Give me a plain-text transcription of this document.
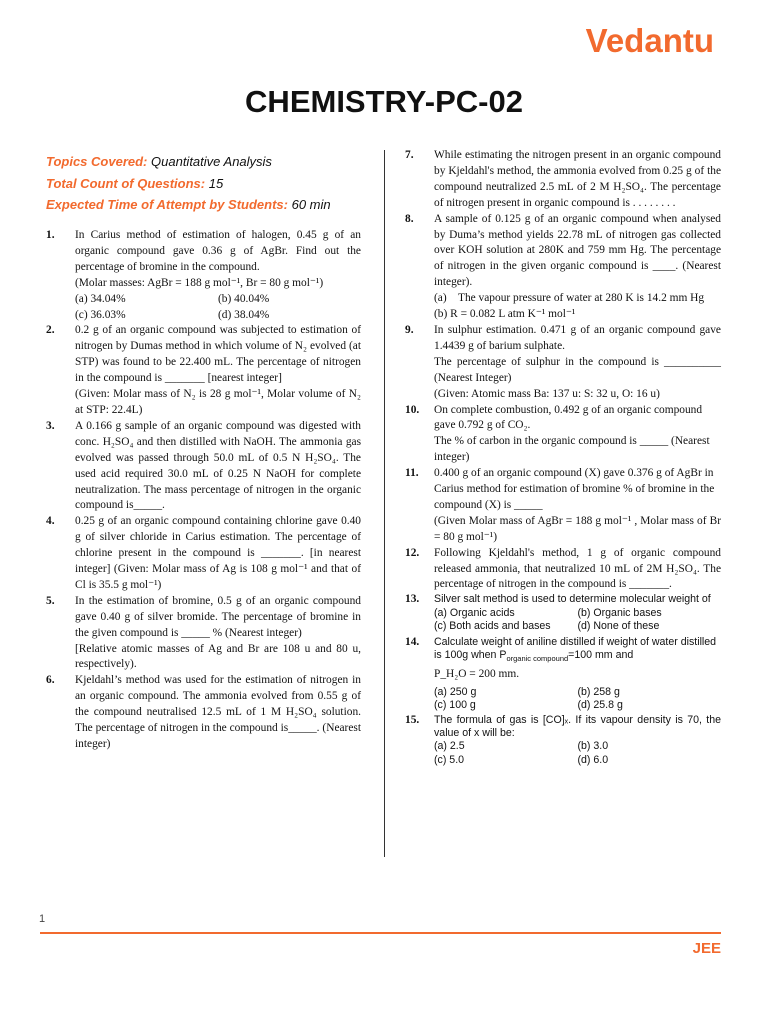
Vedantu
CHEMISTRY-PC-02
Topics Covered: Quantitative Analysis
Total Count of Questions: 15
Expected Time of Attempt by Students: 60 min
1. In Carius method of estimation of halogen, 0.45 g of an organic compound gave 0.36 g of AgBr. Find out the percentage of bromine in the compound.
(Molar masses: AgBr = 188 g mol⁻¹, Br = 80 g mol⁻¹)
(a) 34.04%	(b) 40.04%
(c) 36.03%	(d) 38.04%
2. 0.2 g of an organic compound was subjected to estimation of nitrogen by Dumas method in which volume of N₂ evolved (at STP) was found to be 22.400 mL. The percentage of nitrogen in the compound is _______ [nearest integer]
(Given: Molar mass of N₂ is 28 g mol⁻¹, Molar volume of N₂ at STP: 22.4L)
3. A 0.166 g sample of an organic compound was digested with conc. H₂SO₄ and then distilled with NaOH. The ammonia gas evolved was passed through 50.0 mL of 0.5 N H₂SO₄. The used acid required 30.0 mL of 0.25 N NaOH for complete neutralization. The mass percentage of nitrogen in the organic compound is_____.
4. 0.25 g of an organic compound containing chlorine gave 0.40 g of silver chloride in Carius estimation. The percentage of chlorine present in the compound is _______. [in nearest integer] (Given: Molar mass of Ag is 108 g mol⁻¹ and that of Cl is 35.5 g mol⁻¹)
5. In the estimation of bromine, 0.5 g of an organic compound gave 0.40 g of silver bromide. The percentage of bromine in the given compound is _____ % (Nearest integer)
[Relative atomic masses of Ag and Br are 108 u and 80 u, respectively).
6. Kjeldahl’s method was used for the estimation of nitrogen in an organic compound. The ammonia evolved from 0.55 g of the compound neutralised 12.5 mL of 1 M H₂SO₄ solution. The percentage of nitrogen in the compound is_____. (Nearest integer)
7. While estimating the nitrogen present in an organic compound by Kjeldahl's method, the ammonia evolved from 0.25 g of the compound neutralized 2.5 mL of 2 M H₂SO₄. The percentage of nitrogen present in organic compound is . . . . . . . .
8. A sample of 0.125 g of an organic compound when analysed by Duma’s method yields 22.78 mL of nitrogen gas collected over KOH solution at 280K and 759 mm Hg. The percentage of nitrogen in the given organic compound is ____. (Nearest integer).
(a) The vapour pressure of water at 280 K is 14.2 mm Hg
(b) R = 0.082 L atm K⁻¹ mol⁻¹
9. In sulphur estimation. 0.471 g of an organic compound gave 1.4439 g of barium sulphate.
The percentage of sulphur in the compound is __________ (Nearest Integer)
(Given: Atomic mass Ba: 137 u: S: 32 u, O: 16 u)
10. On complete combustion, 0.492 g of an organic compound gave 0.792 g of CO₂.
The % of carbon in the organic compound is _____ (Nearest integer)
11. 0.400 g of an organic compound (X) gave 0.376 g of AgBr in Carius method for estimation of bromine % of bromine in the compound (X) is _____
(Given Molar mass of AgBr = 188 g mol⁻¹ , Molar mass of Br = 80 g mol⁻¹)
12. Following Kjeldahl's method, 1 g of organic compound released ammonia, that neutralized 10 mL of 2M H₂SO₄. The percentage of nitrogen in the compound is _______.
13. Silver salt method is used to determine molecular weight of
(a) Organic acids	(b) Organic bases
(c) Both acids and bases	(d) None of these
14. Calculate weight of aniline distilled if weight of water distilled is 100g when $P_{organic compound}=100$ mm and
P_H₂O = 200 mm.
(a) 250 g	(b) 258 g
(c) 100 g	(d) 25.8 g
15. The formula of gas is [CO]ₓ. If its vapour density is 70, the value of x will be:
(a) 2.5	(b) 3.0
(c) 5.0	(d) 6.0
1
JEE
